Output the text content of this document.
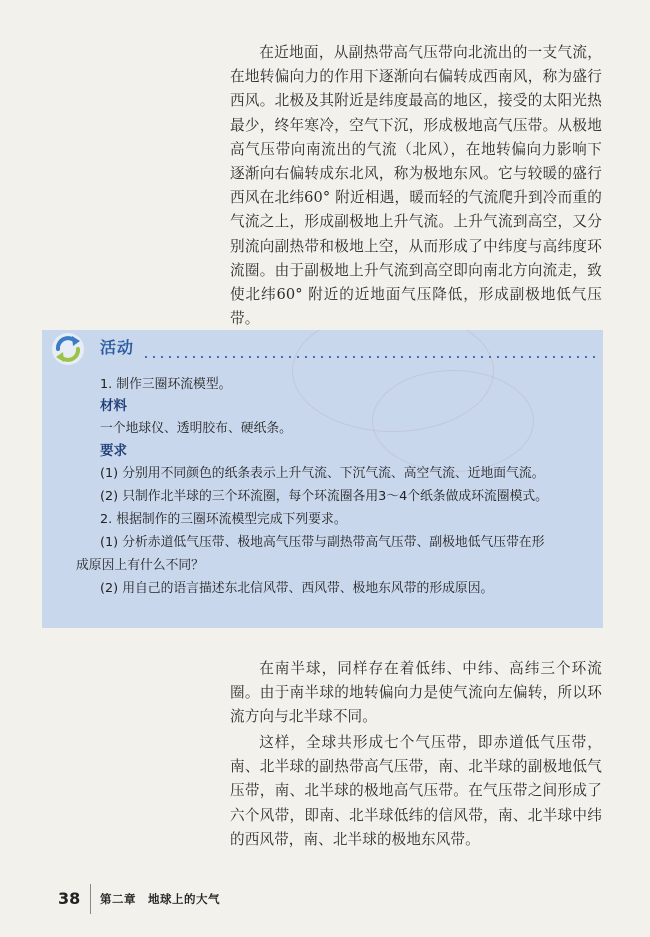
在近地面，从副热带高气压带向北流出的一支气流，在地转偏向力的作用下逐渐向右偏转成西南风，称为盛行西风。北极及其附近是纬度最高的地区，接受的太阳光热最少，终年寒冷，空气下沉，形成极地高气压带。从极地高气压带向南流出的气流（北风），在地转偏向力影响下逐渐向右偏转成东北风，称为极地东风。它与较暖的盛行西风在北纬60° 附近相遇，暖而轻的气流爬升到冷而重的气流之上，形成副极地上升气流。上升气流到高空，又分别流向副热带和极地上空，从而形成了中纬度与高纬度环流圈。由于副极地上升气流到高空即向南北方向流走，致使北纬60° 附近的近地面气压降低，形成副极地低气压带。

活动
1. 制作三圈环流模型。
材料
一个地球仪、透明胶布、硬纸条。
要求
(1) 分别用不同颜色的纸条表示上升气流、下沉气流、高空气流、近地面气流。
(2) 只制作北半球的三个环流圈，每个环流圈各用3～4个纸条做成环流圈模式。
2. 根据制作的三圈环流模型完成下列要求。
(1) 分析赤道低气压带、极地高气压带与副热带高气压带、副极地低气压带在形
成原因上有什么不同？
(2) 用自己的语言描述东北信风带、西风带、极地东风带的形成原因。

在南半球，同样存在着低纬、中纬、高纬三个环流圈。由于南半球的地转偏向力是使气流向左偏转，所以环流方向与北半球不同。

这样，全球共形成七个气压带，即赤道低气压带，南、北半球的副热带高气压带，南、北半球的副极地低气压带，南、北半球的极地高气压带。在气压带之间形成了六个风带，即南、北半球低纬的信风带，南、北半球中纬的西风带，南、北半球的极地东风带。

38 第二章　地球上的大气
